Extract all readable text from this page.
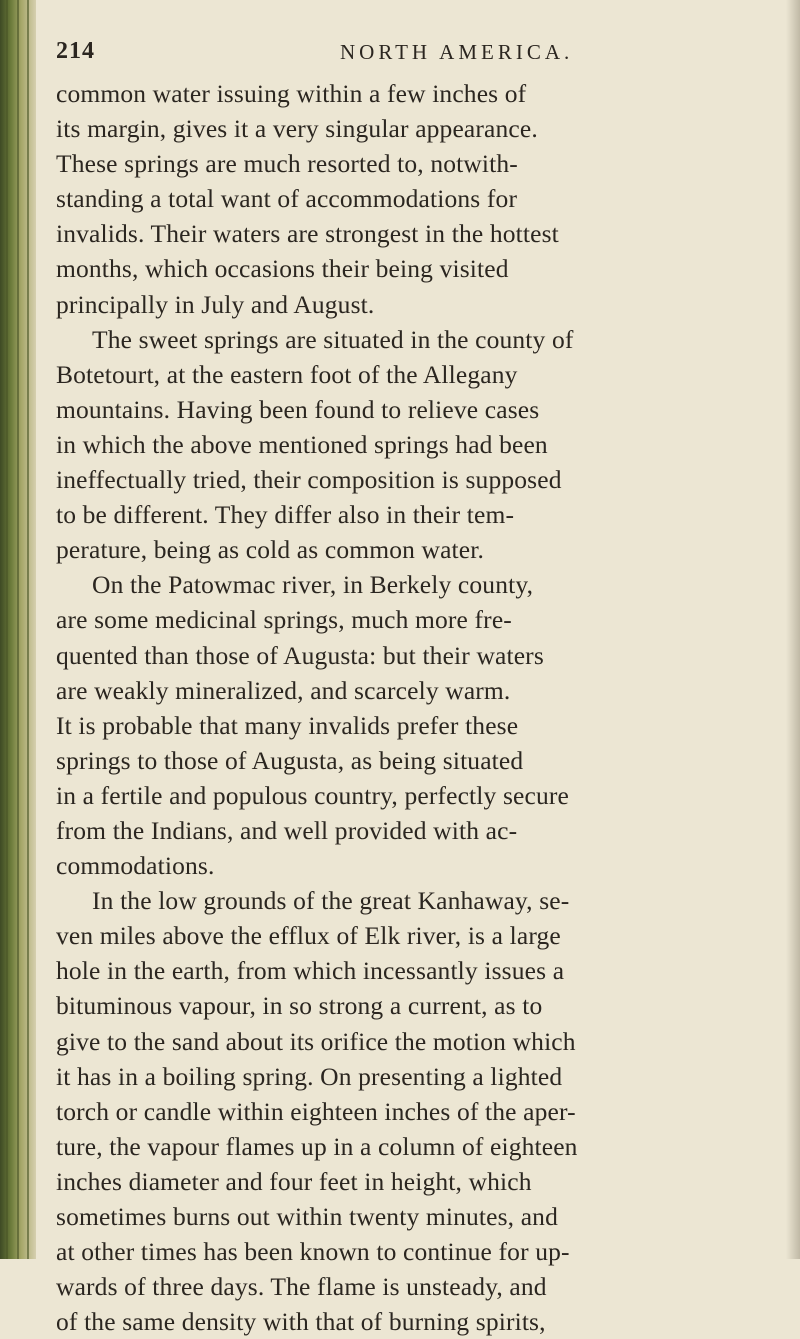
214	NORTH AMERICA.
common water issuing within a few inches of
its margin, gives it a very singular appearance.
These springs are much resorted to, notwith-
standing a total want of accommodations for
invalids. Their waters are strongest in the hottest
months, which occasions their being visited
principally in July and August.
The sweet springs are situated in the county of
Botetourt, at the eastern foot of the Allegany
mountains. Having been found to relieve cases
in which the above mentioned springs had been
ineffectually tried, their composition is supposed
to be different. They differ also in their tem-
perature, being as cold as common water.
On the Patowmac river, in Berkely county,
are some medicinal springs, much more fre-
quented than those of Augusta: but their waters
are weakly mineralized, and scarcely warm.
It is probable that many invalids prefer these
springs to those of Augusta, as being situated
in a fertile and populous country, perfectly secure
from the Indians, and well provided with ac-
commodations.
In the low grounds of the great Kanhaway, se-
ven miles above the efflux of Elk river, is a large
hole in the earth, from which incessantly issues a
bituminous vapour, in so strong a current, as to
give to the sand about its orifice the motion which
it has in a boiling spring. On presenting a lighted
torch or candle within eighteen inches of the aper-
ture, the vapour flames up in a column of eighteen
inches diameter and four feet in height, which
sometimes burns out within twenty minutes, and
at other times has been known to continue for up-
wards of three days. The flame is unsteady, and
of the same density with that of burning spirits,
